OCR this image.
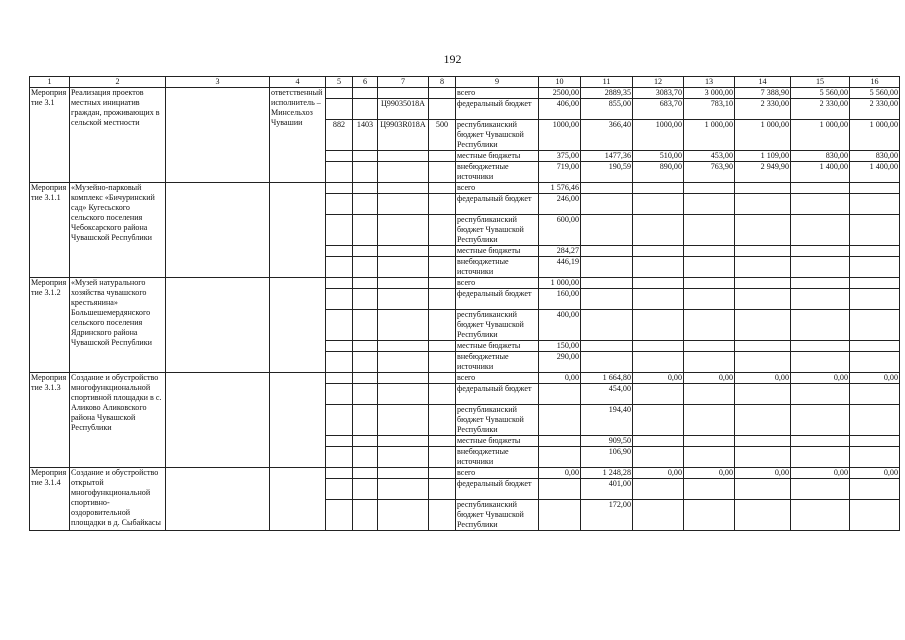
192
1	2	3	4	5	6	7	8	9	10	11	12	13	14	15	16
Мероприятие 3.1	Реализация проектов местных инициатив граждан, проживающих в сельской местности		ответственный исполнитель – Минсельхоз Чувашии					всего	2500,00	2889,35	3083,70	3 000,00	7 388,90	5 560,00	5 560,00
						Ц99035018А		федеральный бюджет	406,00	855,00	683,70	783,10	2 330,00	2 330,00	2 330,00
				882	1403	Ц9903R018А	500	республиканский бюджет Чувашской Республики	1000,00	366,40	1000,00	1 000,00	1 000,00	1 000,00	1 000,00
								местные бюджеты	375,00	1477,36	510,00	453,00	1 109,00	830,00	830,00
								внебюджетные источники	719,00	190,59	890,00	763,90	2 949,90	1 400,00	1 400,00
Мероприятие 3.1.1	«Музейно-парковый комплекс «Бичуринский сад» Кугесьского сельского поселения Чебоксарского района Чувашской Республики							всего	1 576,46						
								федеральный бюджет	246,00						
								республиканский бюджет Чувашской Республики	600,00						
								местные бюджеты	284,27						
								внебюджетные источники	446,19						
Мероприятие 3.1.2	«Музей натурального хозяйства чувашского крестьянина» Большешемердянского сельского поселения Ядринского района Чувашской Республики							всего	1 000,00						
								федеральный бюджет	160,00						
								республиканский бюджет Чувашской Республики	400,00						
								местные бюджеты	150,00						
								внебюджетные источники	290,00						
Мероприятие 3.1.3	Создание и обустройство многофункциональной спортивной площадки в с. Аликово Аликовского района Чувашской Республики							всего	0,00	1 664,80	0,00	0,00	0,00	0,00	0,00
								федеральный бюджет		454,00					
								республиканский бюджет Чувашской Республики		194,40					
								местные бюджеты		909,50					
								внебюджетные источники		106,90					
Мероприятие 3.1.4	Создание и обустройство открытой многофункциональной спортивно-оздоровительной площадки в д. Сыбайкасы							всего	0,00	1 248,28	0,00	0,00	0,00	0,00	0,00
								федеральный бюджет		401,00					
								республиканский бюджет Чувашской Республики		172,00					
